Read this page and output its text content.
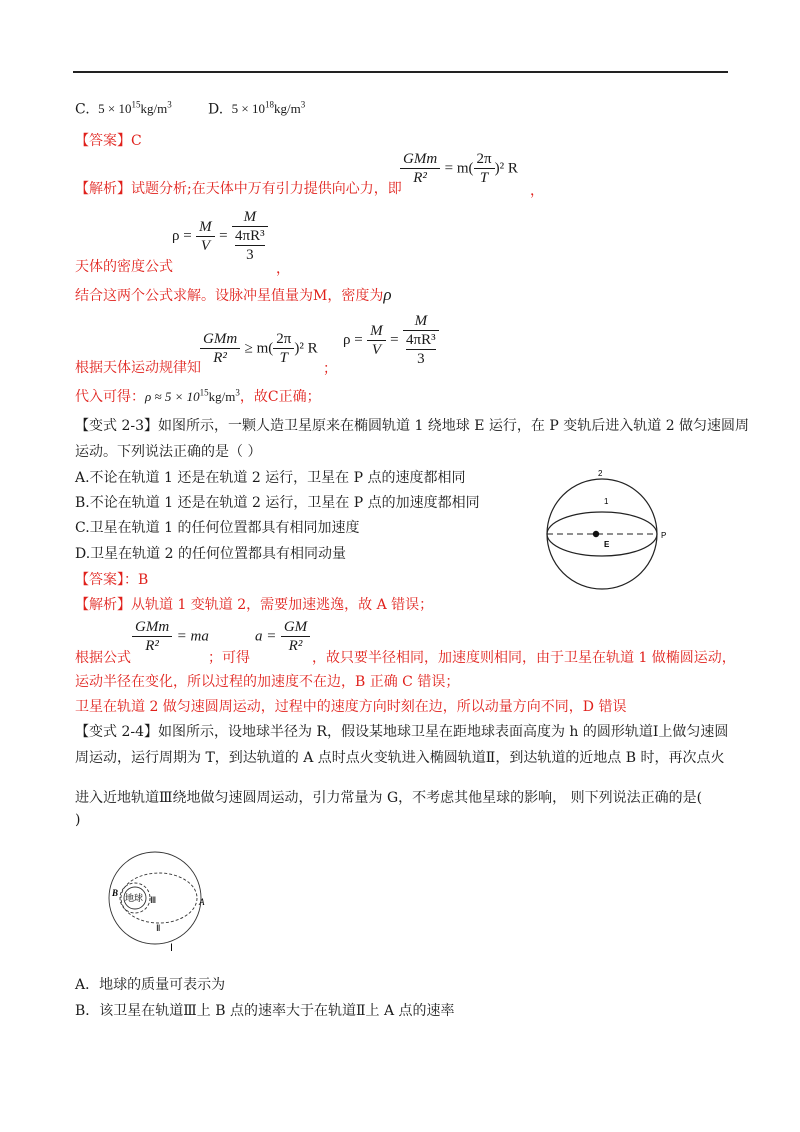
C. $5 \times 10^{15}kg/m^3$	D. $5 \times 10^{18}kg/m^3$
【答案】C
$\frac{\text{GMm}}{\text{R²}} = m( \frac{2\pi}{T} )^2$ R
【解析】试题分析;在天体中万有引力提供向心力，即	，
$\rho = \frac{M}{V} = M$
4πR³
3
天体的密度公式	，
结合这两个公式求解。设脉冲星值量为M，密度为ρ
$\frac{\text{GMm}}{\text{R²}} \ge m( \frac{2\pi}{T} )^2$ R
$\rho = \frac{M}{V} = M$
4πR³
3
根据天体运动规律知	；
代入可得：$\rho \approx 5 \times 10^{15}kg/m^3$，故C正确；
【变式 2-3】如图所示，一颗人造卫星原来在椭圆轨道 1 绕地球 E 运行，在 P 变轨后进入轨道 2 做匀速圆周
运动。下列说法正确的是（ ）
A.不论在轨道 1 还是在轨道 2 运行，卫星在 P 点的速度都相同
B.不论在轨道 1 还是在轨道 2 运行，卫星在 P 点的加速度都相同
C.卫星在轨道 1 的任何位置都具有相同加速度
D.卫星在轨道 2 的任何位置都具有相同动量
2
1
E
P
【答案】：B
【解析】从轨道 1 变轨道 2，需要加速逃逸，故 A 错误；
$\frac{\text{GMm}}{\text{R²}}$ = ma	$a = \frac{GM}{\text{R²}}$
根据公式	；可得	，故只要半径相同，加速度则相同，由于卫星在轨道 1 做椭圆运动，
运动半径在变化，所以过程的加速度不在边，B 正确 C 错误；
卫星在轨道 2 做匀速圆周运动，过程中的速度方向时刻在边，所以动量方向不同，D 错误
【变式 2-4】如图所示，设地球半径为 R，假设某地球卫星在距地球表面高度为 h 的圆形轨道Ⅰ上做匀速圆
周运动，运行周期为 T，到达轨道的 A 点时点火变轨进入椭圆轨道Ⅱ，到达轨道的近地点 B 时，再次点火
进入近地轨道Ⅲ绕地做匀速圆周运动，引力常量为 G，不考虑其他星球的影响， 则下列说法正确的是(
)
B
地球 Ⅲ	A
Ⅱ
Ⅰ
A．地球的质量可表示为
B．该卫星在轨道Ⅲ上 B 点的速率大于在轨道Ⅱ上 A 点的速率
